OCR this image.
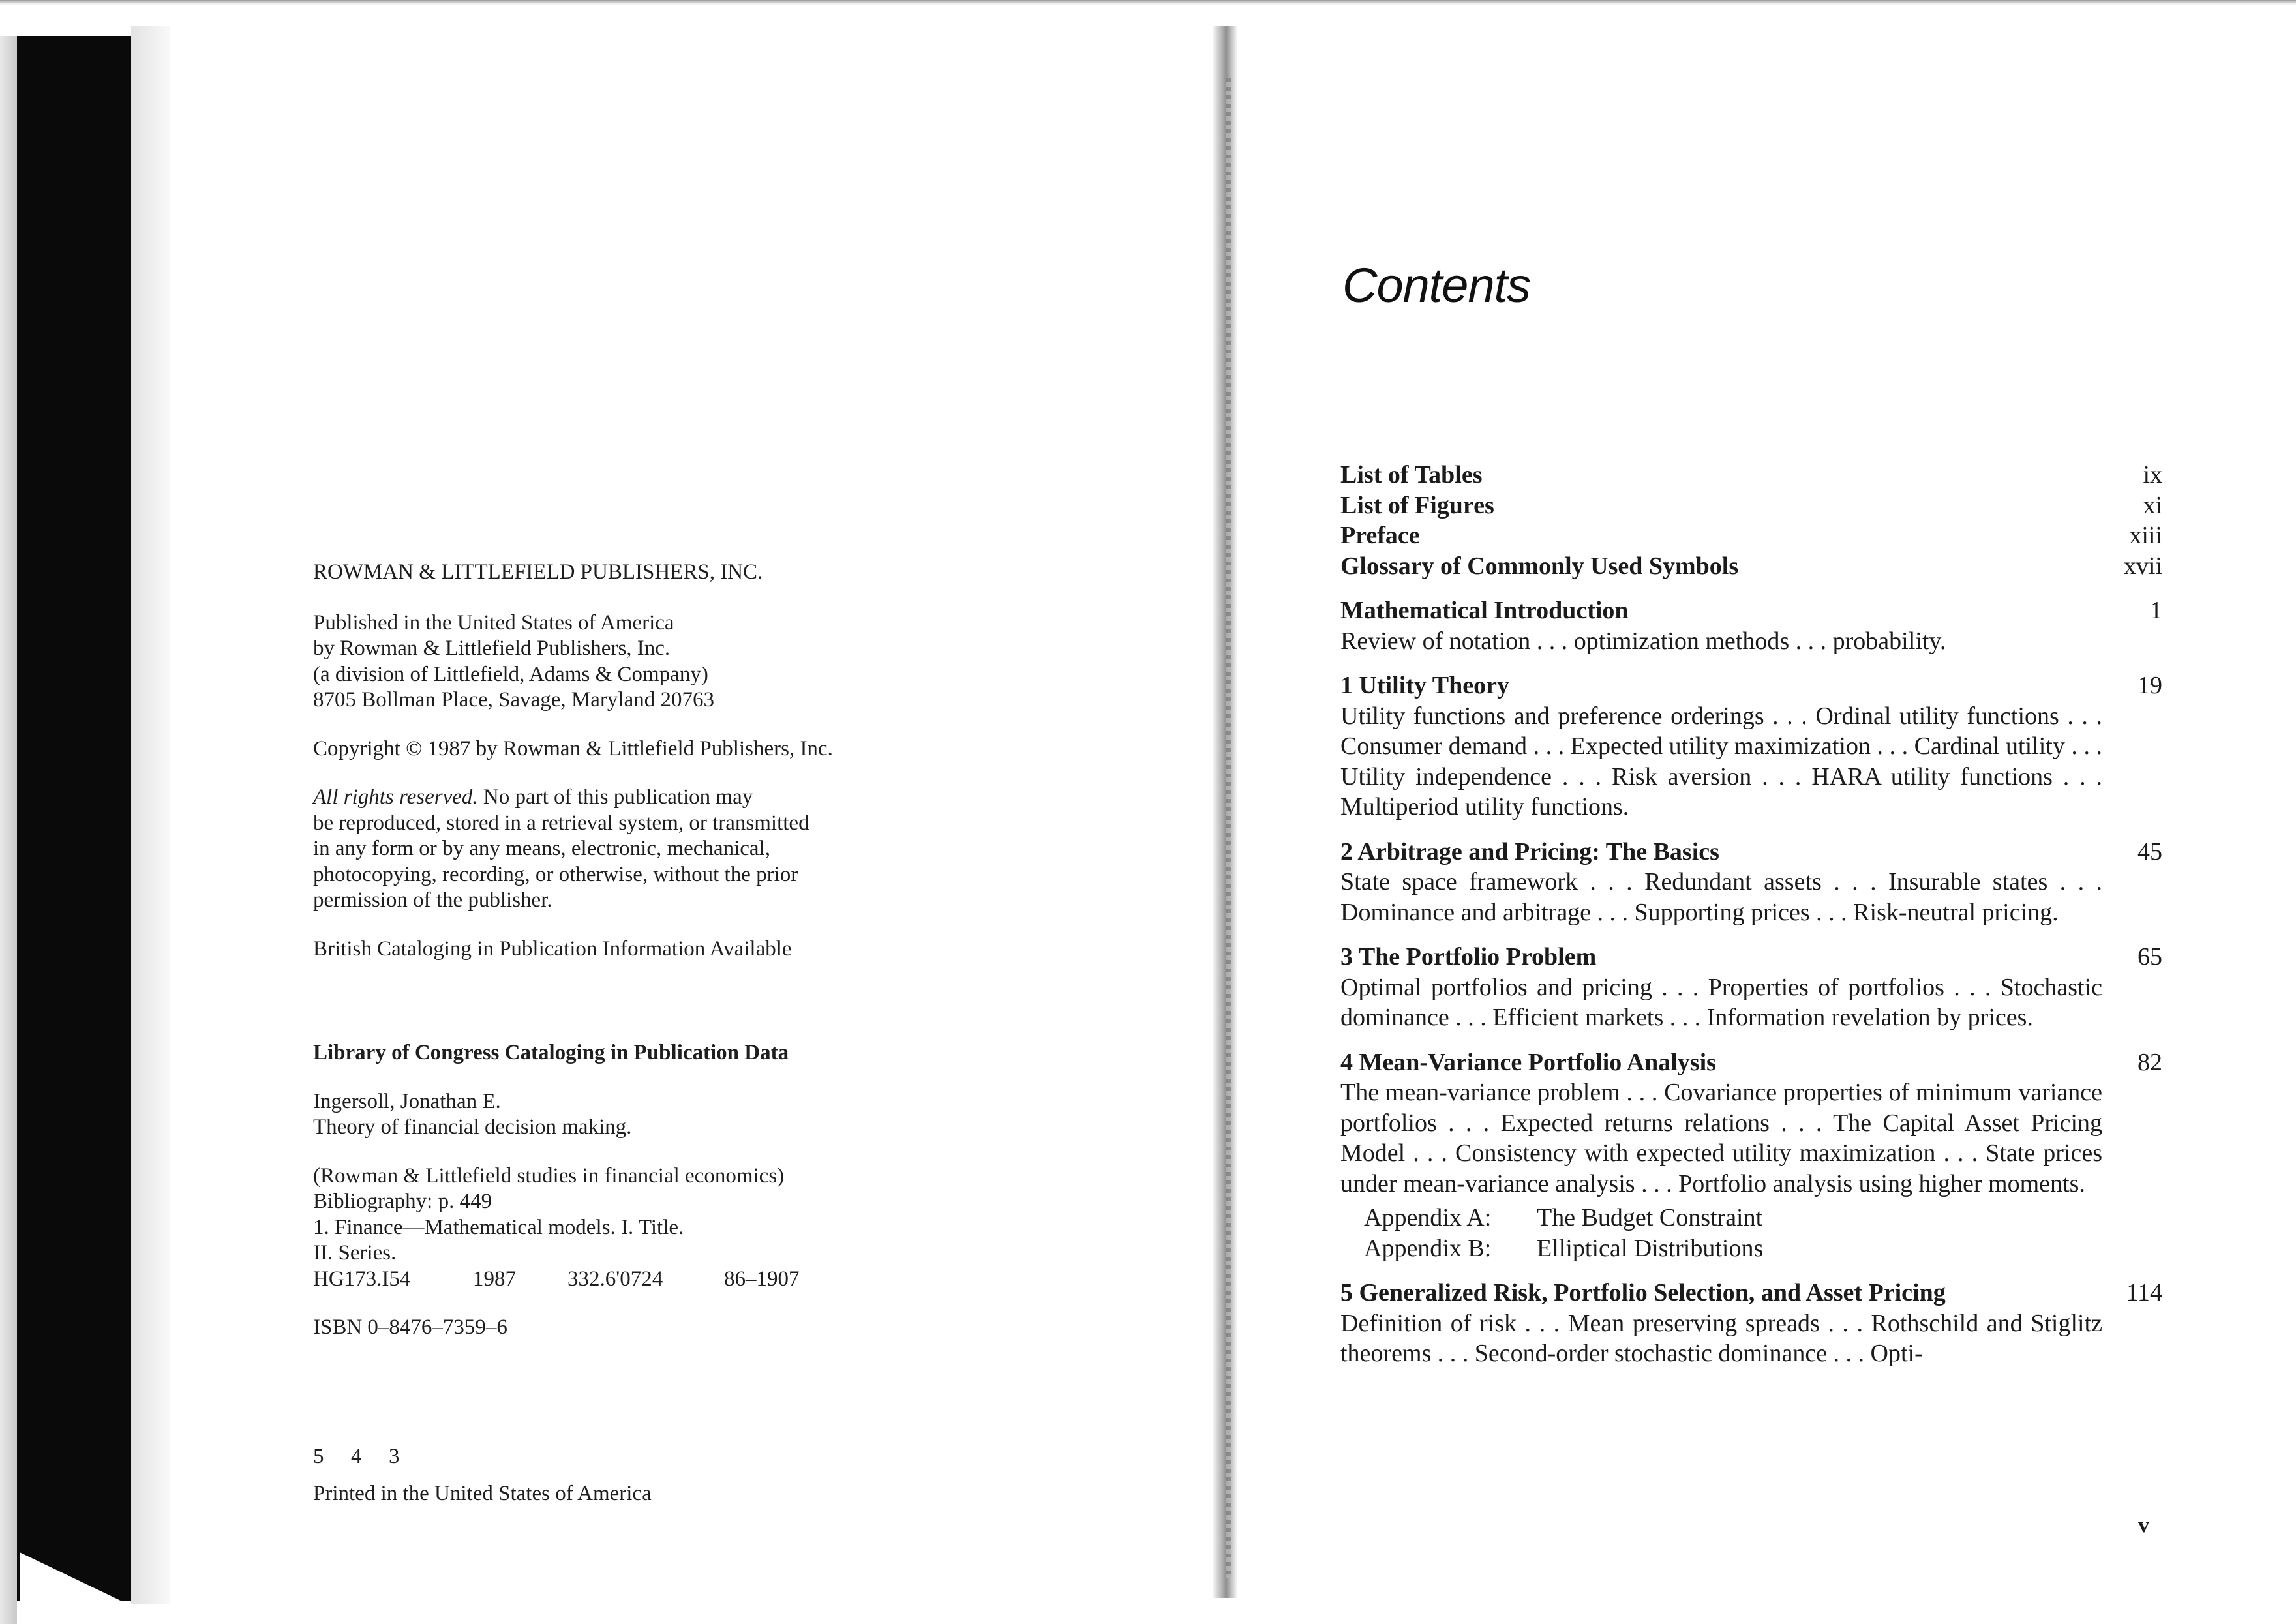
ROWMAN & LITTLEFIELD PUBLISHERS, INC.

Published in the United States of America

by Rowman & Littlefield Publishers, Inc.

(a division of Littlefield, Adams & Company)

8705 Bollman Place, Savage, Maryland 20763

Copyright © 1987 by Rowman & Littlefield Publishers, Inc.

All rights reserved. No part of this publication may

be reproduced, stored in a retrieval system, or transmitted

in any form or by any means, electronic, mechanical,

photocopying, recording, or otherwise, without the prior

permission of the publisher.

British Cataloging in Publication Information Available

Library of Congress Cataloging in Publication Data

Ingersoll, Jonathan E.

Theory of financial decision making.

(Rowman & Littlefield studies in financial economics)

Bibliography: p. 449

1. Finance—Mathematical models. I. Title.

II. Series.

HG173.I54	1987	332.6'0724	86–1907

ISBN 0–8476–7359–6

5 4 3

Printed in the United States of America

Contents
List of Tables	ix
List of Figures	xi
Preface	xiii
Glossary of Commonly Used Symbols	xvii
Mathematical Introduction	1

Review of notation . . . optimization methods . . . probability.

1 Utility Theory	19

Utility functions and preference orderings . . . Ordinal utility functions . . . Consumer demand . . . Expected utility maximization . . . Cardinal utility . . . Utility independence . . . Risk aversion . . . HARA utility functions . . . Multiperiod utility functions.

2 Arbitrage and Pricing: The Basics	45

State space framework . . . Redundant assets . . . Insurable states . . . Dominance and arbitrage . . . Supporting prices . . . Risk-neutral pricing.

3 The Portfolio Problem	65

Optimal portfolios and pricing . . . Properties of portfolios . . . Stochastic dominance . . . Efficient markets . . . Information revelation by prices.

4 Mean-Variance Portfolio Analysis	82

The mean-variance problem . . . Covariance properties of minimum variance portfolios . . . Expected returns relations . . . The Capital Asset Pricing Model . . . Consistency with expected utility maximization . . . State prices under mean-variance analysis . . . Portfolio analysis using higher moments.

Appendix A:	The Budget Constraint
Appendix B:	Elliptical Distributions
5 Generalized Risk, Portfolio Selection, and Asset Pricing	114

Definition of risk . . . Mean preserving spreads . . . Rothschild and Stiglitz theorems . . . Second-order stochastic dominance . . . Opti-

v
